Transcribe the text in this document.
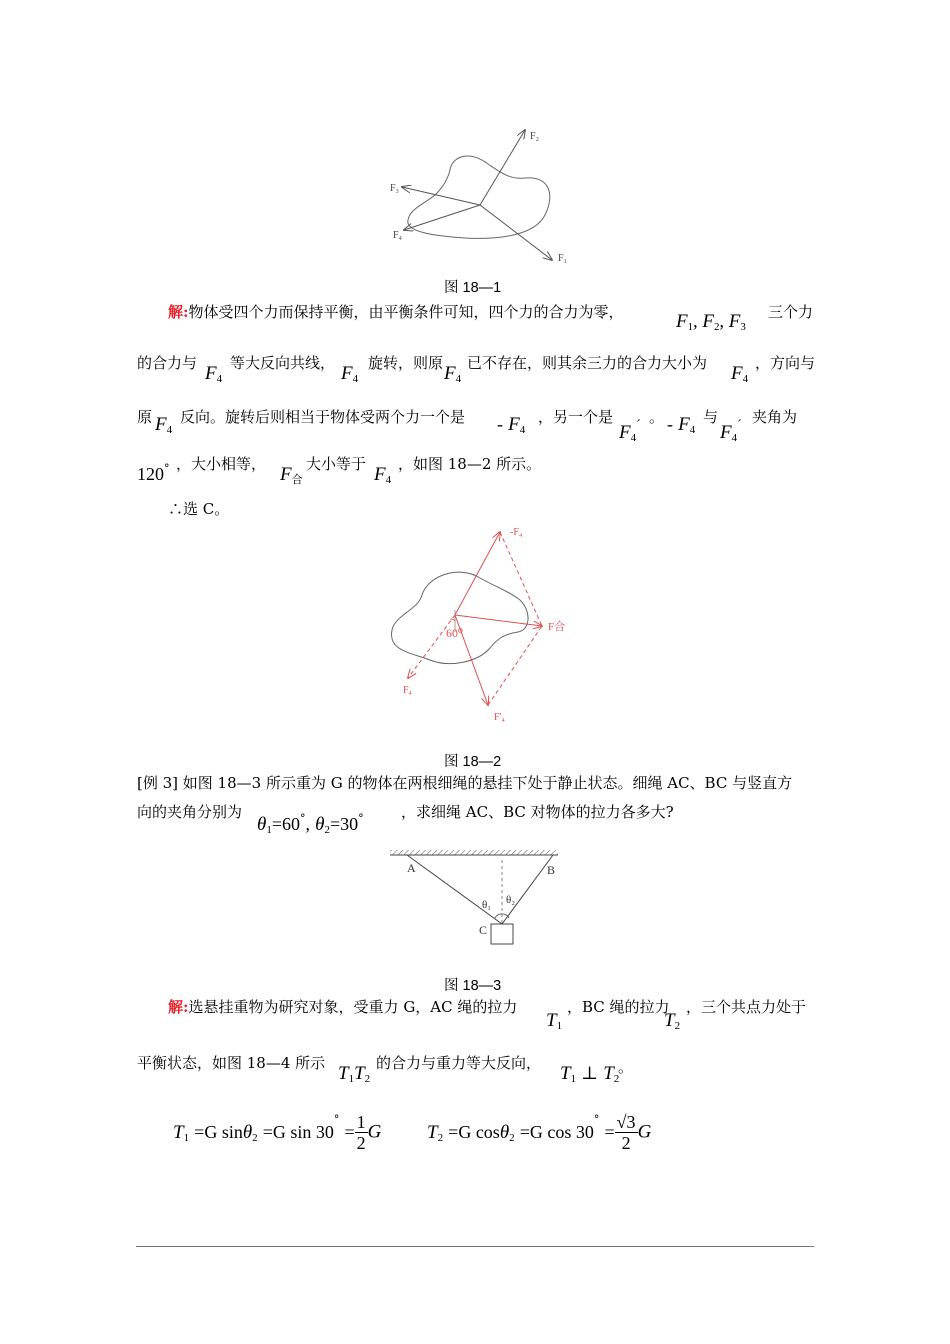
F₂
F₃
F₄
F₁
图 18—1
解:物体受四个力而保持平衡，由平衡条件可知，四个力的合力为零，	$F_1$, $F_2$, $F_3$
三个力
的合力与 $F_4$
等大反向共线， $F_4$
旋转，则原 $F_4$
已不存在，则其余三力的合力大小为 $F_4$
，方向与
原 $F_4$
反向。旋转后则相当于物体受两个力一个是 - $F_4$
，另一个是
$F_4´$ 。 - $F_4$
与
$F_4´$ 夹角为
120° ，大小相等， $F_合$
大小等于 $F_4$
，如图 18—2 所示。
∴选 C。
-F₄
F合
60⁰
F₄
F'₄
图 18—2
[例 3] 如图 18—3 所示重为 G 的物体在两根细绳的悬挂下处于静止状态。细绳 AC、BC 与竖直方
向的夹角分别为
$\theta_1=60^\circ$, $\theta_2=30^\circ$ ，求细绳 AC、BC 对物体的拉力各多大?
A	B
C
θ₁ θ₂
图 18—3
解:选悬挂重物为研究对象，受重力 G，AC 绳的拉力
$T_1$
，BC 绳的拉力
$T_2$
，三个共点力处于
平衡状态，如图 18—4 所示 $T_1T_2$
的合力与重力等大反向， $T_1$ ⊥ $T_2$
。
$T_1 =G$ sinθ$_2$ =G $\sin 30^\circ = \frac{1}{2}$ G $T_2 =G$ cosθ$_2$ =G $\cos 30^\circ = \frac{√3}{2}$ G
